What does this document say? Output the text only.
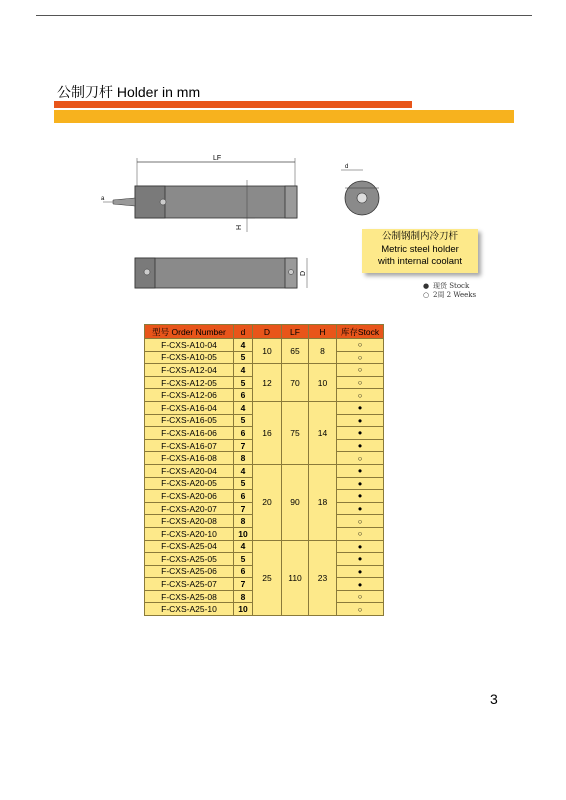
公制刀杆 Holder in mm
LF
a
H
d
D
公制钢制内冷刀杆
Metric steel holder
with internal coolant
● 现货 Stock
○ 2周 2 Weeks
型号 Order Number	d	D	LF	H	库存Stock
F-CXS-A10-04	4	10	65	8	○
F-CXS-A10-05	5				○
F-CXS-A12-04	4	12	70	10	○
F-CXS-A12-05	5				○
F-CXS-A12-06	6				○
F-CXS-A16-04	4	16	75	14	●
F-CXS-A16-05	5				●
F-CXS-A16-06	6				●
F-CXS-A16-07	7				●
F-CXS-A16-08	8				○
F-CXS-A20-04	4	20	90	18	●
F-CXS-A20-05	5				●
F-CXS-A20-06	6				●
F-CXS-A20-07	7				●
F-CXS-A20-08	8				○
F-CXS-A20-10	10				○
F-CXS-A25-04	4	25	110	23	●
F-CXS-A25-05	5				●
F-CXS-A25-06	6				●
F-CXS-A25-07	7				●
F-CXS-A25-08	8				○
F-CXS-A25-10	10				○
3
